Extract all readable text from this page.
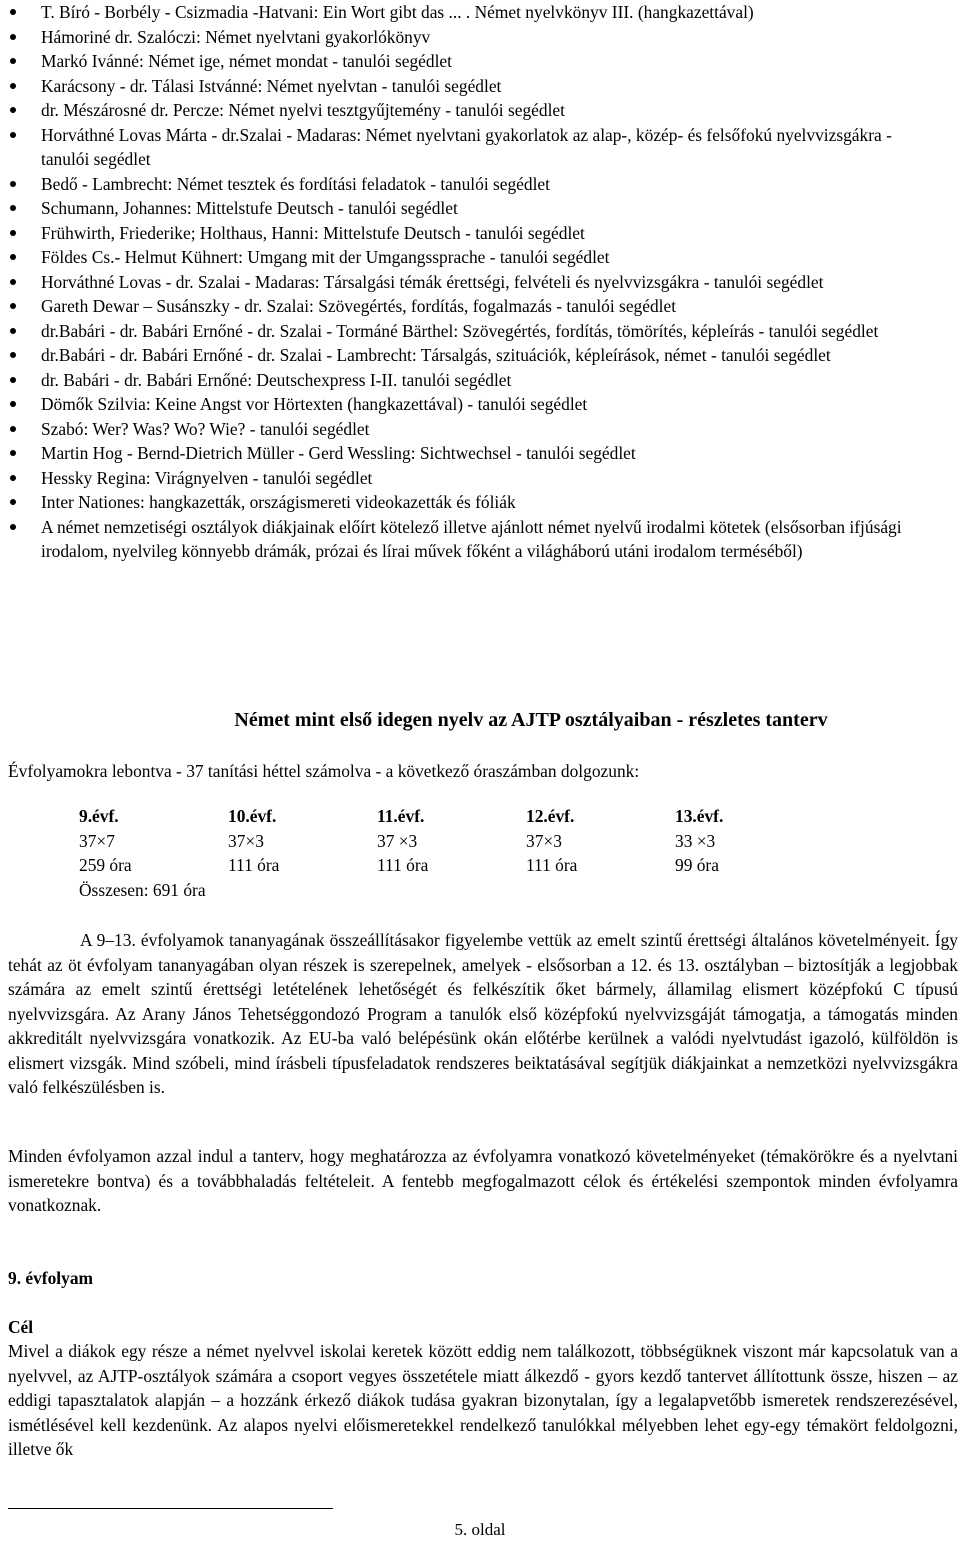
T. Bíró - Borbély - Csizmadia -Hatvani: Ein Wort gibt das ... . Német nyelvkönyv III. (hangkazettával)
Hámoriné dr. Szalóczi: Német nyelvtani gyakorlókönyv
Markó Ivánné: Német ige, német mondat - tanulói segédlet
Karácsony - dr. Tálasi Istvánné: Német nyelvtan - tanulói segédlet
dr. Mészárosné dr. Percze: Német nyelvi tesztgyűjtemény - tanulói segédlet
Horváthné Lovas Márta - dr.Szalai - Madaras: Német nyelvtani gyakorlatok az alap-, közép- és felsőfokú nyelvvizsgákra - tanulói segédlet
Bedő - Lambrecht: Német tesztek és fordítási feladatok - tanulói segédlet
Schumann, Johannes: Mittelstufe Deutsch - tanulói segédlet
Frühwirth, Friederike; Holthaus, Hanni: Mittelstufe Deutsch - tanulói segédlet
Földes Cs.- Helmut Kühnert: Umgang mit der Umgangssprache - tanulói segédlet
Horváthné Lovas - dr. Szalai - Madaras: Társalgási témák érettségi, felvételi és nyelvvizsgákra - tanulói segédlet
Gareth Dewar – Susánszky - dr. Szalai: Szövegértés, fordítás, fogalmazás - tanulói segédlet
dr.Babári - dr. Babári Ernőné - dr. Szalai - Tormáné Bärthel: Szövegértés, fordítás, tömörítés, képleírás - tanulói segédlet
dr.Babári - dr. Babári Ernőné - dr. Szalai - Lambrecht: Társalgás, szituációk, képleírások, német - tanulói segédlet
dr. Babári - dr. Babári Ernőné: Deutschexpress I-II. tanulói segédlet
Dömők Szilvia: Keine Angst vor Hörtexten (hangkazettával) - tanulói segédlet
Szabó: Wer? Was? Wo? Wie? - tanulói segédlet
Martin Hog - Bernd-Dietrich Müller - Gerd Wessling: Sichtwechsel - tanulói segédlet
Hessky Regina: Virágnyelven - tanulói segédlet
Inter Nationes: hangkazetták, országismereti videokazetták és fóliák
A német nemzetiségi osztályok diákjainak előírt kötelező illetve ajánlott német nyelvű irodalmi kötetek (elsősorban ifjúsági irodalom, nyelvileg könnyebb drámák, prózai és lírai művek főként a világháború utáni irodalom terméséből)
Német mint első idegen nyelv az AJTP osztályaiban - részletes tanterv
Évfolyamokra lebontva - 37 tanítási héttel számolva - a következő óraszámban dolgozunk:
9.évf.	10.évf.	11.évf.	12.évf.	13.évf.
37×7	37×3	37 ×3	37×3	33 ×3
259 óra	111 óra	111 óra	111 óra	99 óra
Összesen: 691 óra

A 9–13. évfolyamok tananyagának összeállításakor figyelembe vettük az emelt szintű érettségi általános követelményeit. Így tehát az öt évfolyam tananyagában olyan részek is szerepelnek, amelyek - elsősorban a 12. és 13. osztályban – biztosítják a legjobbak számára az emelt szintű érettségi letételének lehetőségét és felkészítik őket bármely, államilag elismert középfokú C típusú nyelvvizsgára. Az Arany János Tehetséggondozó Program a tanulók első középfokú nyelvvizsgáját támogatja, a támogatás minden akkreditált nyelvvizsgára vonatkozik. Az EU-ba való belépésünk okán előtérbe kerülnek a valódi nyelvtudást igazoló, külföldön is elismert vizsgák. Mind szóbeli, mind írásbeli típusfeladatok rendszeres beiktatásával segítjük diákjainkat a nemzetközi nyelvvizsgákra való felkészülésben is.

Minden évfolyamon azzal indul a tanterv, hogy meghatározza az évfolyamra vonatkozó követelményeket (témakörökre és a nyelvtani ismeretekre bontva) és a továbbhaladás feltételeit. A fentebb megfogalmazott célok és értékelési szempontok minden évfolyamra vonatkoznak.

9. évfolyam
Cél

Mivel a diákok egy része a német nyelvvel iskolai keretek között eddig nem találkozott, többségüknek viszont már kapcsolatuk van a nyelvvel, az AJTP-osztályok számára a csoport vegyes összetétele miatt álkezdő - gyors kezdő tantervet állítottunk össze, hiszen – az eddigi tapasztalatok alapján – a hozzánk érkező diákok tudása gyakran bizonytalan, így a legalapvetőbb ismeretek rendszerezésével, ismétlésével kell kezdenünk. Az alapos nyelvi előismeretekkel rendelkező tanulókkal mélyebben lehet egy-egy témakört feldolgozni, illetve ők

5. oldal
